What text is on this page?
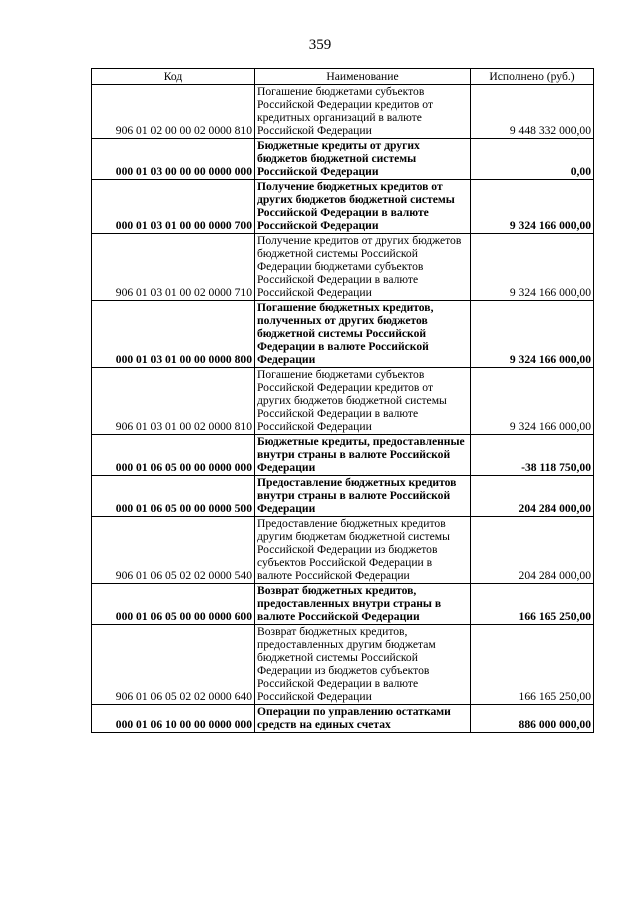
359
Код	Наименование	Исполнено (руб.)
906 01 02 00 00 02 0000 810	Погашение бюджетами субъектов Российской Федерации кредитов от кредитных организаций в валюте Российской Федерации	9 448 332 000,00
000 01 03 00 00 00 0000 000	Бюджетные кредиты от других бюджетов бюджетной системы Российской Федерации	0,00
000 01 03 01 00 00 0000 700	Получение бюджетных кредитов от других бюджетов бюджетной системы Российской Федерации в валюте Российской Федерации	9 324 166 000,00
906 01 03 01 00 02 0000 710	Получение кредитов от других бюджетов бюджетной системы Российской Федерации бюджетами субъектов Российской Федерации в валюте Российской Федерации	9 324 166 000,00
000 01 03 01 00 00 0000 800	Погашение бюджетных кредитов, полученных от других бюджетов бюджетной системы Российской Федерации в валюте Российской Федерации	9 324 166 000,00
906 01 03 01 00 02 0000 810	Погашение бюджетами субъектов Российской Федерации кредитов от других бюджетов бюджетной системы Российской Федерации в валюте Российской Федерации	9 324 166 000,00
000 01 06 05 00 00 0000 000	Бюджетные кредиты, предоставленные внутри страны в валюте Российской Федерации	-38 118 750,00
000 01 06 05 00 00 0000 500	Предоставление бюджетных кредитов внутри страны в валюте Российской Федерации	204 284 000,00
906 01 06 05 02 02 0000 540	Предоставление бюджетных кредитов другим бюджетам бюджетной системы Российской Федерации из бюджетов субъектов Российской Федерации в валюте Российской Федерации	204 284 000,00
000 01 06 05 00 00 0000 600	Возврат бюджетных кредитов, предоставленных внутри страны в валюте Российской Федерации	166 165 250,00
906 01 06 05 02 02 0000 640	Возврат бюджетных кредитов, предоставленных другим бюджетам бюджетной системы Российской Федерации из бюджетов субъектов Российской Федерации в валюте Российской Федерации	166 165 250,00
000 01 06 10 00 00 0000 000	Операции по управлению остатками средств на единых счетах	886 000 000,00
